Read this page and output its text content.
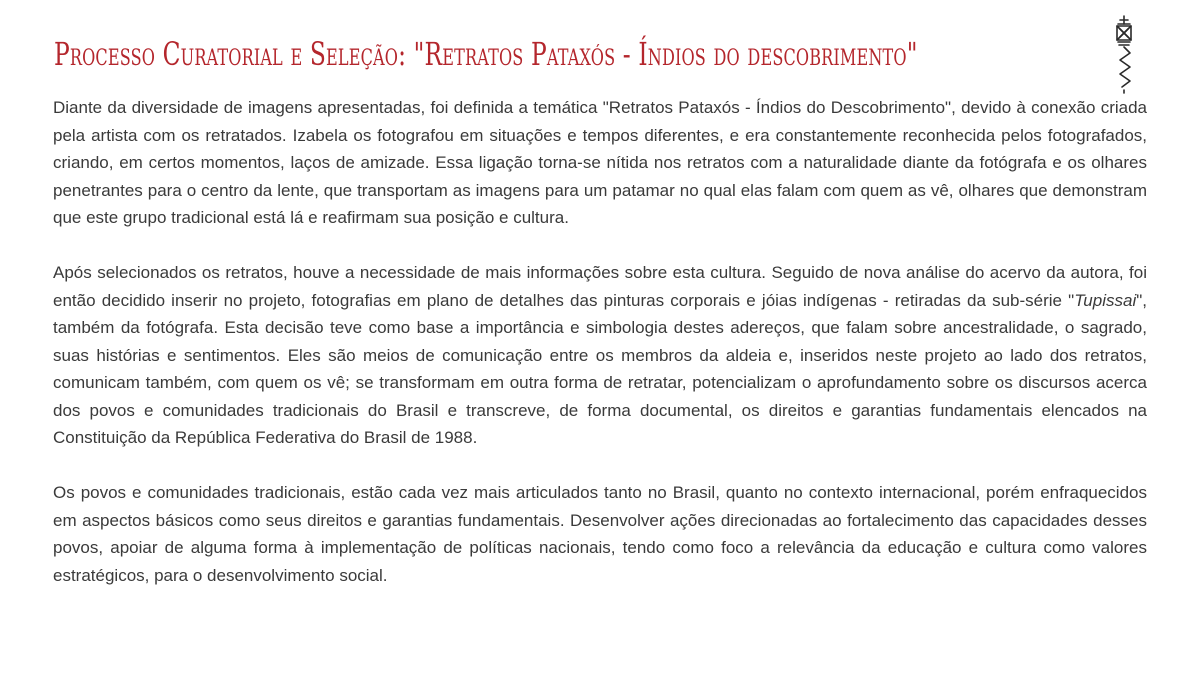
Processo Curatorial e Seleção: "Retratos Pataxós - Índios do descobrimento"

Diante da diversidade de imagens apresentadas, foi definida a temática "Retratos Pataxós - Índios do Descobrimento", devido à conexão criada pela artista com os retratados. Izabela os fotografou em situações e tempos diferentes, e era constantemente reconhecida pelos fotografados, criando, em certos momentos, laços de amizade. Essa ligação torna-se nítida nos retratos com a naturalidade diante da fotógrafa e os olhares penetrantes para o centro da lente, que transportam as imagens para um patamar no qual elas falam com quem as vê, olhares que demonstram que este grupo tradicional está lá e reafirmam sua posição e cultura.

Após selecionados os retratos, houve a necessidade de mais informações sobre esta cultura. Seguido de nova análise do acervo da autora, foi então decidido inserir no projeto, fotografias em plano de detalhes das pinturas corporais e jóias indígenas - retiradas da sub-série "Tupissai", também da fotógrafa. Esta decisão teve como base a importância e simbologia destes adereços, que falam sobre ancestralidade, o sagrado, suas histórias e sentimentos. Eles são meios de comunicação entre os membros da aldeia e, inseridos neste projeto ao lado dos retratos, comunicam também, com quem os vê; se transformam em outra forma de retratar, potencializam o aprofundamento sobre os discursos acerca dos povos e comunidades tradicionais do Brasil e transcreve, de forma documental, os direitos e garantias fundamentais elencados na Constituição da República Federativa do Brasil de 1988.

Os povos e comunidades tradicionais, estão cada vez mais articulados tanto no Brasil, quanto no contexto internacional, porém enfraquecidos em aspectos básicos como seus direitos e garantias fundamentais. Desenvolver ações direcionadas ao fortalecimento das capacidades desses povos, apoiar de alguma forma à implementação de políticas nacionais, tendo como foco a relevância da educação e cultura como valores estratégicos, para o desenvolvimento social.
